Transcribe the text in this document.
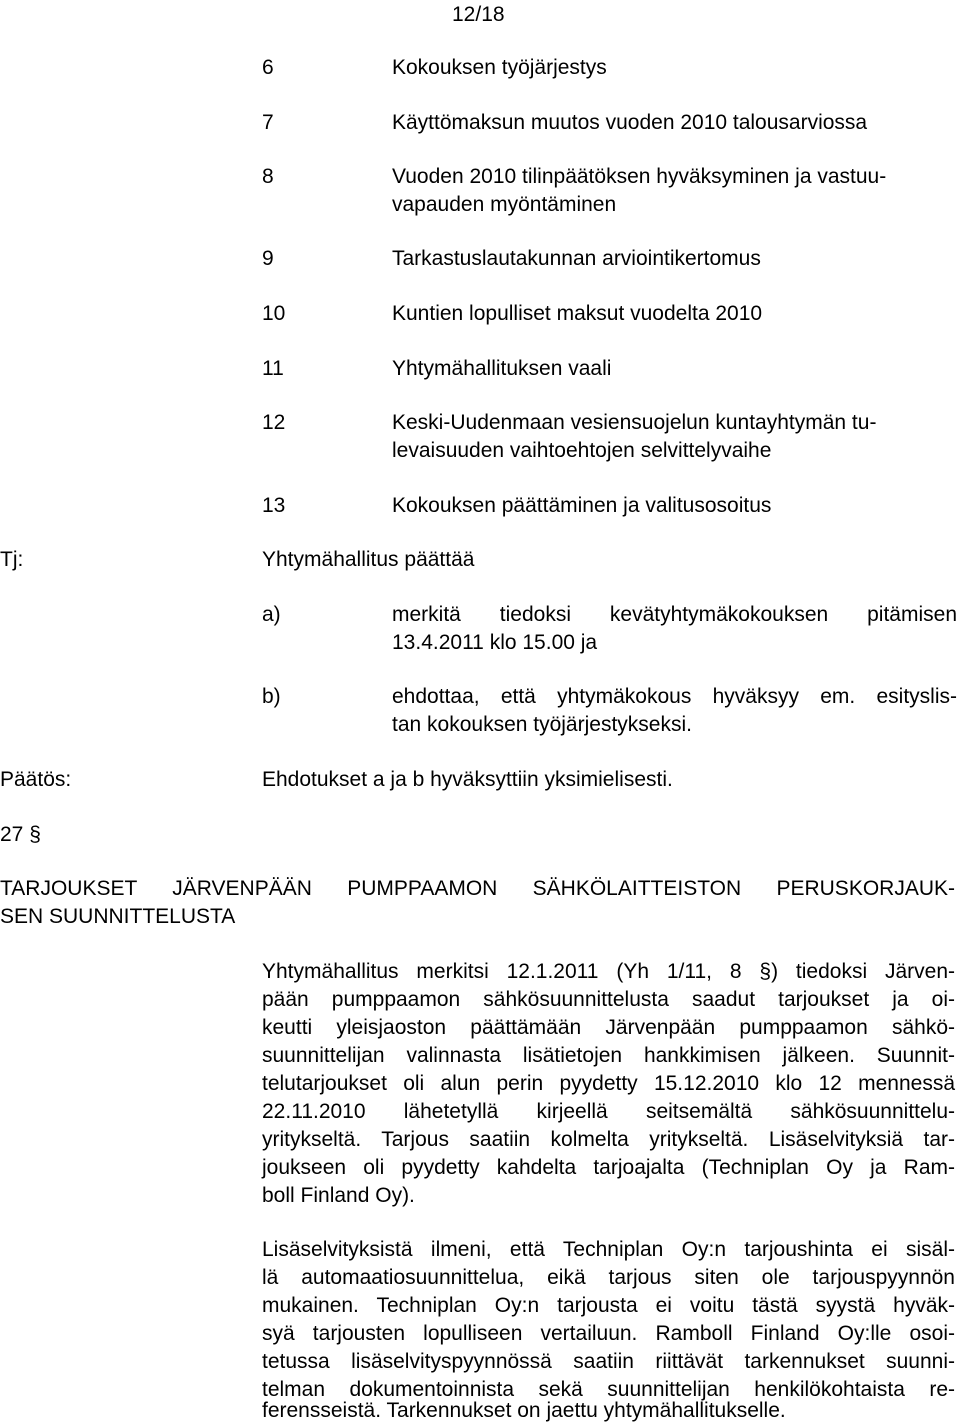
12/18
6	Kokouksen työjärjestys
7	Käyttömaksun muutos vuoden 2010 talousarviossa
8	Vuoden 2010 tilinpäätöksen hyväksyminen ja vastuu-
vapauden myöntäminen
9	Tarkastuslautakunnan arviointikertomus
10	Kuntien lopulliset maksut vuodelta 2010
11	Yhtymähallituksen vaali
12	Keski-Uudenmaan vesiensuojelun kuntayhtymän tu-
levaisuuden vaihtoehtojen selvittelyvaihe
13	Kokouksen päättäminen ja valitusosoitus
Tj:	Yhtymähallitus päättää
a)	merkitä tiedoksi kevätyhtymäkokouksen pitämisen
13.4.2011 klo 15.00 ja
b)	ehdottaa, että yhtymäkokous hyväksyy em. esityslis-
tan kokouksen työjärjestykseksi.
Päätös:	Ehdotukset a ja b hyväksyttiin yksimielisesti.
27 §
TARJOUKSET JÄRVENPÄÄN PUMPPAAMON SÄHKÖLAITTEISTON PERUSKORJAUK-
SEN SUUNNITTELUSTA
Yhtymähallitus merkitsi 12.1.2011 (Yh 1/11, 8 §) tiedoksi Järven-
pään pumppaamon sähkösuunnittelusta saadut tarjoukset ja oi-
keutti yleisjaoston päättämään Järvenpään pumppaamon sähkö-
suunnittelijan valinnasta lisätietojen hankkimisen jälkeen. Suunnit-
telutarjoukset oli alun perin pyydetty 15.12.2010 klo 12 mennessä
22.11.2010 lähetetyllä kirjeellä seitsemältä sähkösuunnittelu-
yritykseltä. Tarjous saatiin kolmelta yritykseltä. Lisäselvityksiä tar-
joukseen oli pyydetty kahdelta tarjoajalta (Techniplan Oy ja Ram-
boll Finland Oy).
Lisäselvityksistä ilmeni, että Techniplan Oy:n tarjoushinta ei sisäl-
lä automaatiosuunnittelua, eikä tarjous siten ole tarjouspyynnön
mukainen. Techniplan Oy:n tarjousta ei voitu tästä syystä hyväk-
syä tarjousten lopulliseen vertailuun. Ramboll Finland Oy:lle osoi-
tetussa lisäselvityspyynnössä saatiin riittävät tarkennukset suunni-
telman dokumentoinnista sekä suunnittelijan henkilökohtaista re-
ferensseistä. Tarkennukset on jaettu yhtymähallitukselle.
